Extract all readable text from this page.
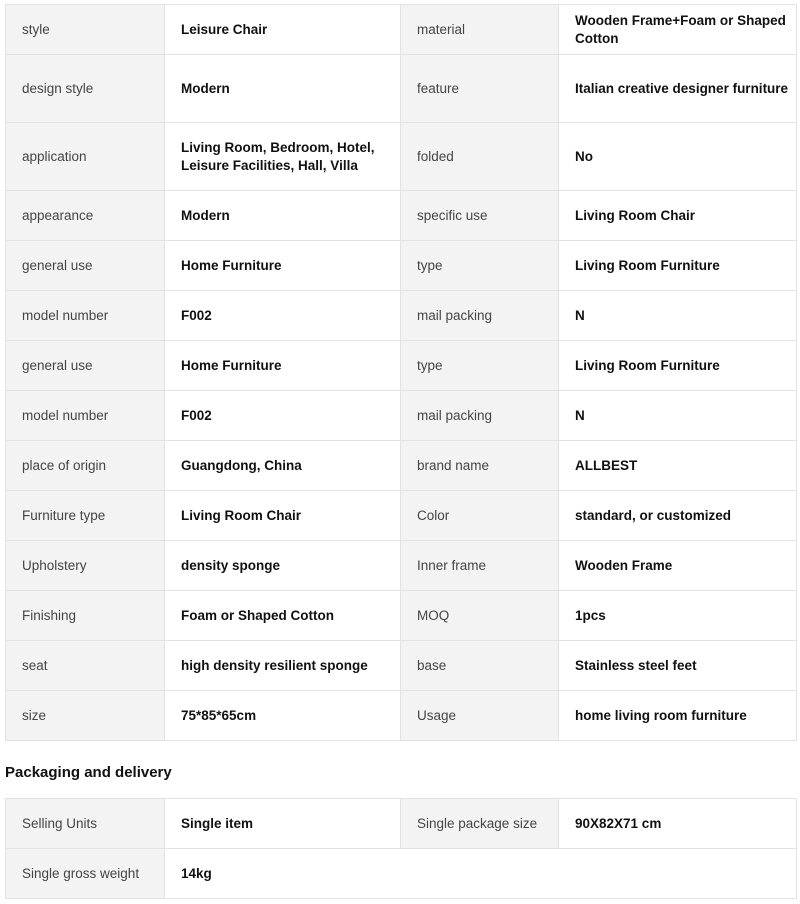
style	Leisure Chair	material	Wooden Frame+Foam or Shaped Cotton
design style	Modern	feature	Italian creative designer furniture
application	Living Room, Bedroom, Hotel, Leisure Facilities, Hall, Villa	folded	No
appearance	Modern	specific use	Living Room Chair
general use	Home Furniture	type	Living Room Furniture
model number	F002	mail packing	N
general use	Home Furniture	type	Living Room Furniture
model number	F002	mail packing	N
place of origin	Guangdong, China	brand name	ALLBEST
Furniture type	Living Room Chair	Color	standard, or customized
Upholstery	density sponge	Inner frame	Wooden Frame
Finishing	Foam or Shaped Cotton	MOQ	1pcs
seat	high density resilient sponge	base	Stainless steel feet
size	75*85*65cm	Usage	home living room furniture
Packaging and delivery
Selling Units	Single item	Single package size	90X82X71 cm
Single gross weight	14kg		
